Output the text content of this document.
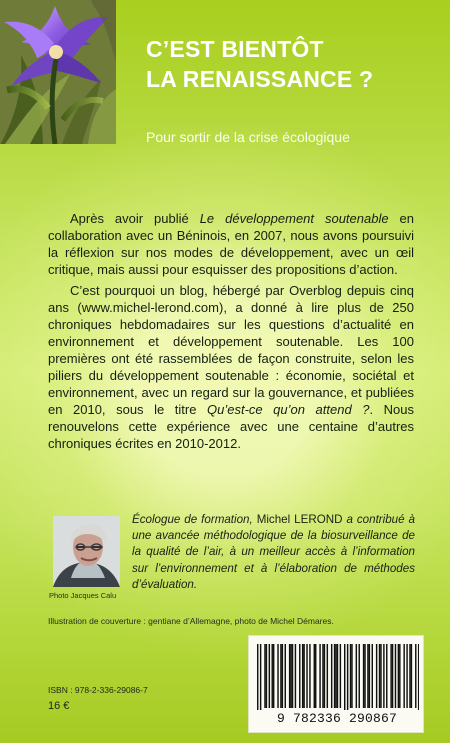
C’EST BIENTÔT
LA RENAISSANCE ?
Pour sortir de la crise écologique

Après avoir publié Le développement soutenable en collaboration avec un Béninois, en 2007, nous avons poursuivi la réflexion sur nos modes de développement, avec un œil critique, mais aussi pour esquisser des propositions d’action.

C’est pourquoi un blog, hébergé par Overblog depuis cinq ans (www.michel-lerond.com), a donné à lire plus de 250 chroniques hebdomadaires sur les questions d’actualité en environnement et développement soutenable. Les 100 premières ont été rassemblées de façon construite, selon les piliers du développement soutenable : économie, sociétal et environnement, avec un regard sur la gouvernance, et publiées en 2010, sous le titre Qu’est-ce qu’on attend ?. Nous renouvelons cette expérience avec une centaine d’autres chroniques écrites en 2010-2012.

Photo Jacques Calu
Écologue de formation, Michel LEROND a contribué à une avancée méthodologique de la biosurveillance de la qualité de l’air, à un meilleur accès à l’information sur l’environnement et à l’élaboration de méthodes d’évaluation.
Illustration de couverture : gentiane d’Allemagne, photo de Michel Démares.
ISBN : 978-2-336-29086-7
16 €
9 782336 290867
